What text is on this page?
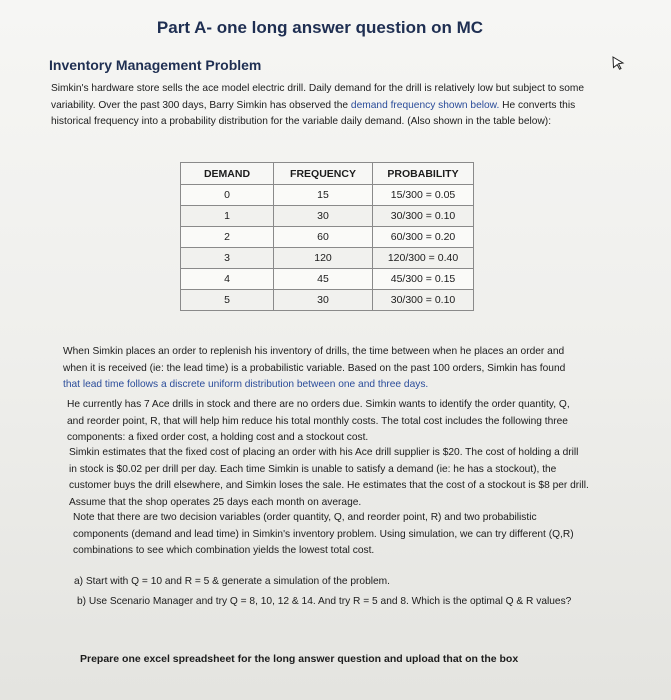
Part A- one long answer question on MC
Inventory Management Problem
Simkin's hardware store sells the ace model electric drill. Daily demand for the drill is relatively low but subject to some variability. Over the past 300 days, Barry Simkin has observed the demand frequency shown below. He converts this historical frequency into a probability distribution for the variable daily demand. (Also shown in the table below):
DEMAND	FREQUENCY	PROBABILITY
0	15	15/300 = 0.05
1	30	30/300 = 0.10
2	60	60/300 = 0.20
3	120	120/300 = 0.40
4	45	45/300 = 0.15
5	30	30/300 = 0.10
When Simkin places an order to replenish his inventory of drills, the time between when he places an order and when it is received (ie: the lead time) is a probabilistic variable. Based on the past 100 orders, Simkin has found that lead time follows a discrete uniform distribution between one and three days.
He currently has 7 Ace drills in stock and there are no orders due. Simkin wants to identify the order quantity, Q, and reorder point, R, that will help him reduce his total monthly costs. The total cost includes the following three components: a fixed order cost, a holding cost and a stockout cost.
Simkin estimates that the fixed cost of placing an order with his Ace drill supplier is $20. The cost of holding a drill in stock is $0.02 per drill per day. Each time Simkin is unable to satisfy a demand (ie: he has a stockout), the customer buys the drill elsewhere, and Simkin loses the sale. He estimates that the cost of a stockout is $8 per drill. Assume that the shop operates 25 days each month on average.
Note that there are two decision variables (order quantity, Q, and reorder point, R) and two probabilistic components (demand and lead time) in Simkin's inventory problem. Using simulation, we can try different (Q,R) combinations to see which combination yields the lowest total cost.
a) Start with Q = 10 and R = 5 & generate a simulation of the problem.
b) Use Scenario Manager and try Q = 8, 10, 12 & 14. And try R = 5 and 8. Which is the optimal Q & R values?
Prepare one excel spreadsheet for the long answer question and upload that on the box
